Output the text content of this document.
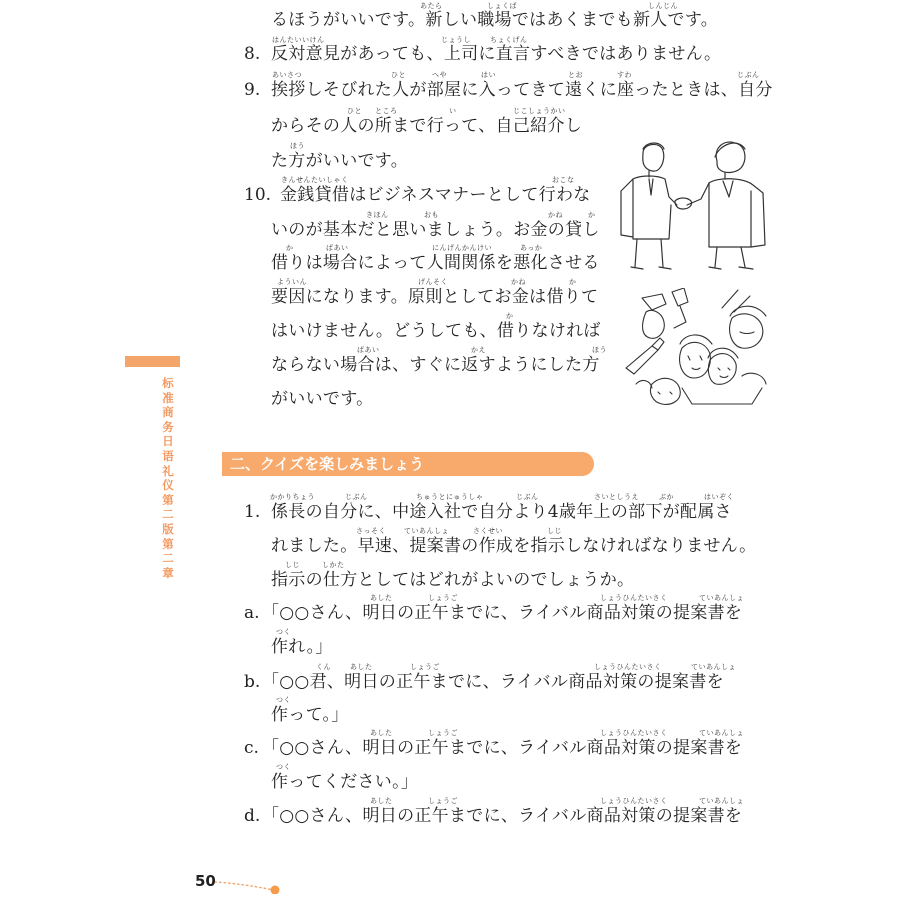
るほうがいいです。新しい職場ではあくまでも新人です。
8. 反対意見があっても、上司に直言すべきではありません。
9. 挨拶しそびれた人が部屋に入ってきて遠くに座ったときは、自分
からその人の所まで行って、自己紹介し
た方がいいです。
10. 金銭貸借はビジネスマナーとして行わな
いのが基本だと思いましょう。お金の貸し
借りは場合によって人間関係を悪化させる
要因になります。原則としてお金は借りて
はいけません。どうしても、借りなければ
ならない場合は、すぐに返すようにした方
がいいです。
あたら	しょくば	しんじん
はんたいいけん	じょうし	ちょくげん
あいさつ	ひと	へや	はい	とお	すわ	じぶん
ひと ところ	い	じこしょうかい
ほう
きんせんたいしゃく	おこな
きほん	おも	かね	か
か	ばあい	にんげんかんけい	あっか
よういん	げんそく	かね	か
か
ばあい	かえ	ほう
标准商务日语礼仪第二版 第二章
二、クイズを楽しみましょう
1. 係長の自分に、中途入社で自分より4歳年上の部下が配属さ
れました。早速、提案書の作成を指示しなければなりません。
指示の仕方としてはどれがよいのでしょうか。
a. 「○○さん、明日の正午までに、ライバル商品対策の提案書を
作れ。」
b. 「○○君、明日の正午までに、ライバル商品対策の提案書を
作って。」
c. 「○○さん、明日の正午までに、ライバル商品対策の提案書を
作ってください。」
d. 「○○さん、明日の正午までに、ライバル商品対策の提案書を
かかりちょう	じぶん	ちゅうとにゅうしゃ	じぶん	さいとしうえ	ぶか	はいぞく
さっそく	ていあんしょ	さくせい	しじ
しじ	しかた
あした	しょうご	しょうひんたいさく	ていあんしょ
つく
くん	あした	しょうご	しょうひんたいさく	ていあんしょ
つく
あした	しょうご	しょうひんたいさく	ていあんしょ
つく
あした	しょうご	しょうひんたいさく	ていあんしょ
50
